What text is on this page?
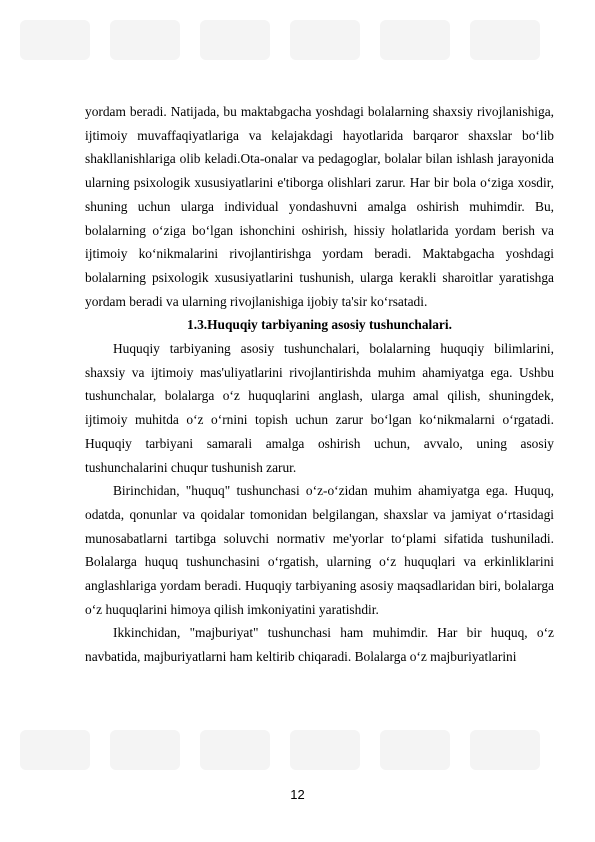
yordam beradi. Natijada, bu maktabgacha yoshdagi bolalarning shaxsiy rivojlanishiga, ijtimoiy muvaffaqiyatlariga va kelajakdagi hayotlarida barqaror shaxslar bo‘lib shakllanishlariga olib keladi.Ota-onalar va pedagoglar, bolalar bilan ishlash jarayonida ularning psixologik xususiyatlarini e'tiborga olishlari zarur. Har bir bola o‘ziga xosdir, shuning uchun ularga individual yondashuvni amalga oshirish muhimdir. Bu, bolalarning o‘ziga bo‘lgan ishonchini oshirish, hissiy holatlarida yordam berish va ijtimoiy ko‘nikmalarini rivojlantirishga yordam beradi. Maktabgacha yoshdagi bolalarning psixologik xususiyatlarini tushunish, ularga kerakli sharoitlar yaratishga yordam beradi va ularning rivojlanishiga ijobiy ta'sir ko‘rsatadi.

1.3.Huquqiy tarbiyaning asosiy tushunchalari.

Huquqiy tarbiyaning asosiy tushunchalari, bolalarning huquqiy bilimlarini, shaxsiy va ijtimoiy mas'uliyatlarini rivojlantirishda muhim ahamiyatga ega. Ushbu tushunchalar, bolalarga o‘z huquqlarini anglash, ularga amal qilish, shuningdek, ijtimoiy muhitda o‘z o‘rnini topish uchun zarur bo‘lgan ko‘nikmalarni o‘rgatadi. Huquqiy tarbiyani samarali amalga oshirish uchun, avvalo, uning asosiy tushunchalarini chuqur tushunish zarur.

Birinchidan, "huquq" tushunchasi o‘z-o‘zidan muhim ahamiyatga ega. Huquq, odatda, qonunlar va qoidalar tomonidan belgilangan, shaxslar va jamiyat o‘rtasidagi munosabatlarni tartibga soluvchi normativ me'yorlar to‘plami sifatida tushuniladi. Bolalarga huquq tushunchasini o‘rgatish, ularning o‘z huquqlari va erkinliklarini anglashlariga yordam beradi. Huquqiy tarbiyaning asosiy maqsadlaridan biri, bolalarga o‘z huquqlarini himoya qilish imkoniyatini yaratishdir.

Ikkinchidan, "majburiyat" tushunchasi ham muhimdir. Har bir huquq, o‘z navbatida, majburiyatlarni ham keltirib chiqaradi. Bolalarga o‘z majburiyatlarini

12
